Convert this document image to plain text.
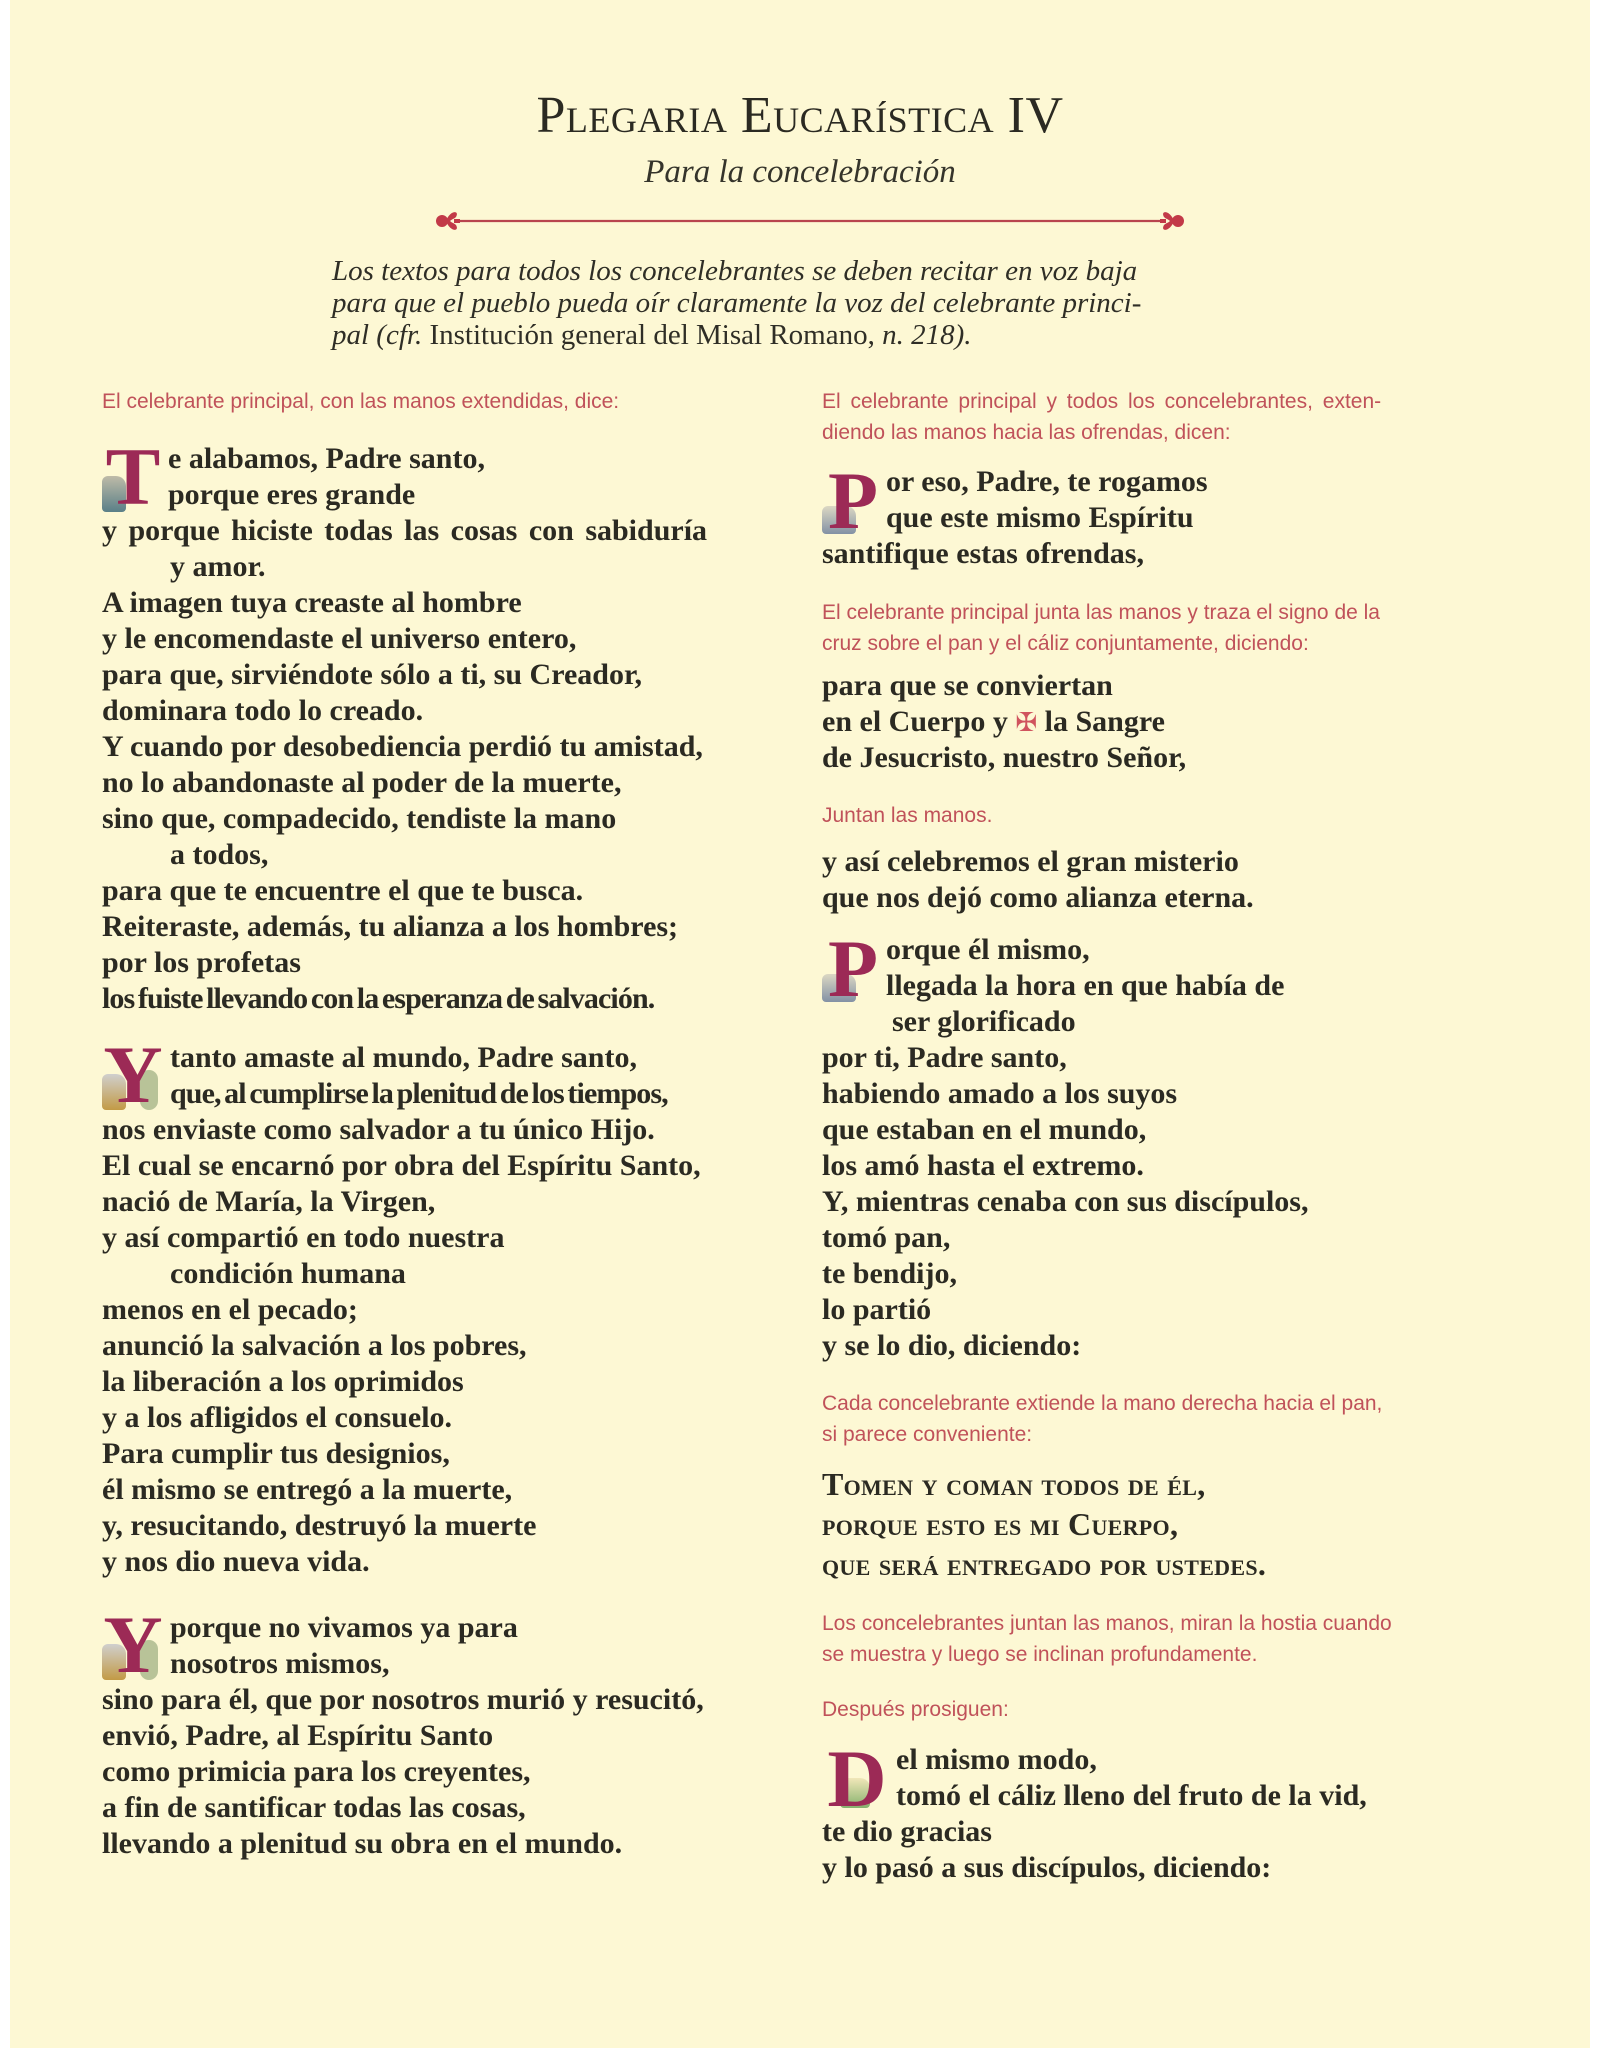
Plegaria Eucarística IV
Para la concelebración
Los textos para todos los concelebrantes se deben recitar en voz baja
para que el pueblo pueda oír claramente la voz del celebrante princi-
pal (cfr. Institución general del Misal Romano, n. 218).
El celebrante principal, con las manos extendidas, dice:
T e alabamos, Padre santo,
porque eres grande
y porque hiciste todas las cosas con sabiduría
y amor.
A imagen tuya creaste al hombre
y le encomendaste el universo entero,
para que, sirviéndote sólo a ti, su Creador,
dominara todo lo creado.
Y cuando por desobediencia perdió tu amistad,
no lo abandonaste al poder de la muerte,
sino que, compadecido, tendiste la mano
a todos,
para que te encuentre el que te busca.
Reiteraste, además, tu alianza a los hombres;
por los profetas
los fuiste llevando con la esperanza de salvación.
Y tanto amaste al mundo, Padre santo,
que, al cumplirse la plenitud de los tiempos,
nos enviaste como salvador a tu único Hijo.
El cual se encarnó por obra del Espíritu Santo,
nació de María, la Virgen,
y así compartió en todo nuestra
condición humana
menos en el pecado;
anunció la salvación a los pobres,
la liberación a los oprimidos
y a los afligidos el consuelo.
Para cumplir tus designios,
él mismo se entregó a la muerte,
y, resucitando, destruyó la muerte
y nos dio nueva vida.
Y porque no vivamos ya para
nosotros mismos,
sino para él, que por nosotros murió y resucitó,
envió, Padre, al Espíritu Santo
como primicia para los creyentes,
a fin de santificar todas las cosas,
llevando a plenitud su obra en el mundo.
El celebrante principal y todos los concelebrantes, exten-
diendo las manos hacia las ofrendas, dicen:
P or eso, Padre, te rogamos
que este mismo Espíritu
santifique estas ofrendas,
El celebrante principal junta las manos y traza el signo de la
cruz sobre el pan y el cáliz conjuntamente, diciendo:
para que se conviertan
en el Cuerpo y ✠ la Sangre
de Jesucristo, nuestro Señor,
Juntan las manos.
y así celebremos el gran misterio
que nos dejó como alianza eterna.
P orque él mismo,
llegada la hora en que había de
ser glorificado
por ti, Padre santo,
habiendo amado a los suyos
que estaban en el mundo,
los amó hasta el extremo.
Y, mientras cenaba con sus discípulos,
tomó pan,
te bendijo,
lo partió
y se lo dio, diciendo:
Cada concelebrante extiende la mano derecha hacia el pan,
si parece conveniente:
Tomen y coman todos de él,
porque esto es mi Cuerpo,
que será entregado por ustedes.
Los concelebrantes juntan las manos, miran la hostia cuando
se muestra y luego se inclinan profundamente.
Después prosiguen:
D el mismo modo,
tomó el cáliz lleno del fruto de la vid,
te dio gracias
y lo pasó a sus discípulos, diciendo:
